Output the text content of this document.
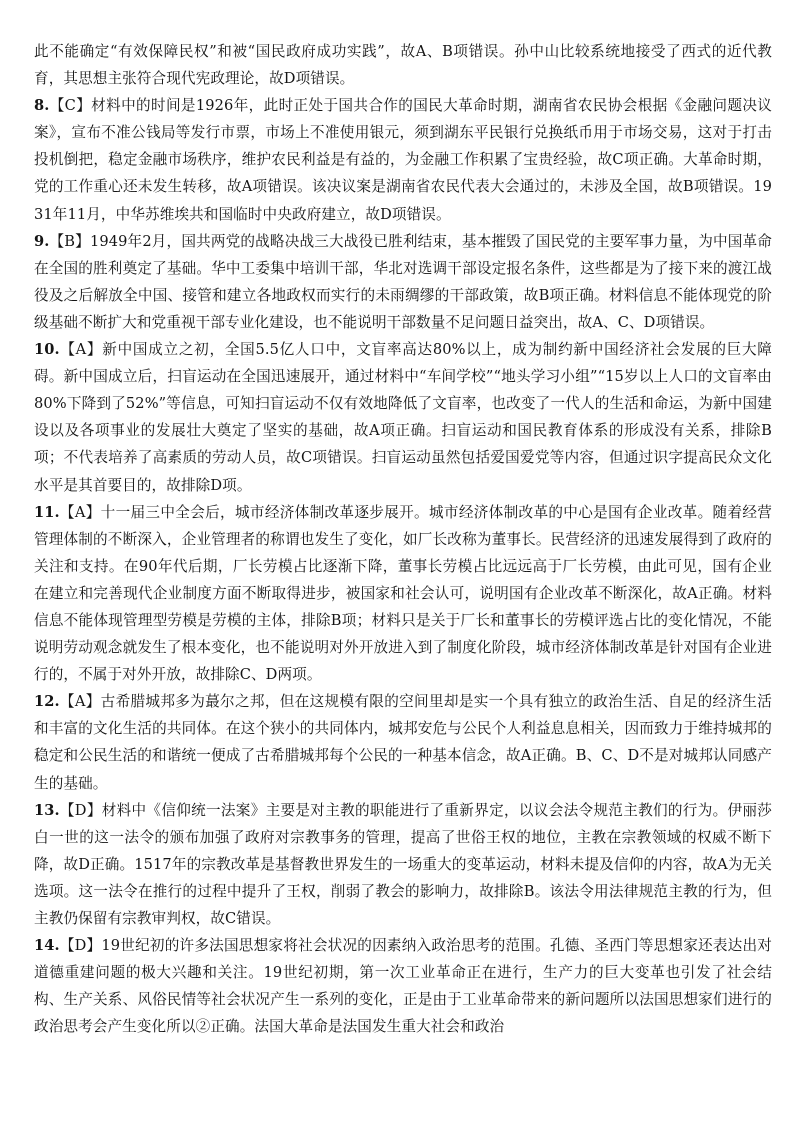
此不能确定“有效保障民权”和被“国民政府成功实践”，故A、B项错误。孙中山比较系统地接受了西式的近代教育，其思想主张符合现代宪政理论，故D项错误。

8.【C】材料中的时间是1926年，此时正处于国共合作的国民大革命时期，湖南省农民协会根据《金融问题决议案》，宣布不准公钱局等发行市票，市场上不准使用银元，须到湖东平民银行兑换纸币用于市场交易，这对于打击投机倒把，稳定金融市场秩序，维护农民利益是有益的，为金融工作积累了宝贵经验，故C项正确。大革命时期，党的工作重心还未发生转移，故A项错误。该决议案是湖南省农民代表大会通过的，未涉及全国，故B项错误。1931年11月，中华苏维埃共和国临时中央政府建立，故D项错误。

9.【B】1949年2月，国共两党的战略决战三大战役已胜利结束，基本摧毁了国民党的主要军事力量，为中国革命在全国的胜利奠定了基础。华中工委集中培训干部，华北对选调干部设定报名条件，这些都是为了接下来的渡江战役及之后解放全中国、接管和建立各地政权而实行的未雨绸缪的干部政策，故B项正确。材料信息不能体现党的阶级基础不断扩大和党重视干部专业化建设，也不能说明干部数量不足问题日益突出，故A、C、D项错误。

10.【A】新中国成立之初，全国5.5亿人口中，文盲率高达80%以上，成为制约新中国经济社会发展的巨大障碍。新中国成立后，扫盲运动在全国迅速展开，通过材料中“车间学校”“地头学习小组”“15岁以上人口的文盲率由80%下降到了52%”等信息，可知扫盲运动不仅有效地降低了文盲率，也改变了一代人的生活和命运，为新中国建设以及各项事业的发展壮大奠定了坚实的基础，故A项正确。扫盲运动和国民教育体系的形成没有关系，排除B项；不代表培养了高素质的劳动人员，故C项错误。扫盲运动虽然包括爱国爱党等内容，但通过识字提高民众文化水平是其首要目的，故排除D项。

11.【A】十一届三中全会后，城市经济体制改革逐步展开。城市经济体制改革的中心是国有企业改革。随着经营管理体制的不断深入，企业管理者的称谓也发生了变化，如厂长改称为董事长。民营经济的迅速发展得到了政府的关注和支持。在90年代后期，厂长劳模占比逐渐下降，董事长劳模占比远远高于厂长劳模，由此可见，国有企业在建立和完善现代企业制度方面不断取得进步，被国家和社会认可，说明国有企业改革不断深化，故A正确。材料信息不能体现管理型劳模是劳模的主体，排除B项；材料只是关于厂长和董事长的劳模评选占比的变化情况，不能说明劳动观念就发生了根本变化，也不能说明对外开放进入到了制度化阶段，城市经济体制改革是针对国有企业进行的，不属于对外开放，故排除C、D两项。

12.【A】古希腊城邦多为蕞尔之邦，但在这规模有限的空间里却是实一个具有独立的政治生活、自足的经济生活和丰富的文化生活的共同体。在这个狭小的共同体内，城邦安危与公民个人利益息息相关，因而致力于维持城邦的稳定和公民生活的和谐统一便成了古希腊城邦每个公民的一种基本信念，故A正确。B、C、D不是对城邦认同感产生的基础。

13.【D】材料中《信仰统一法案》主要是对主教的职能进行了重新界定，以议会法令规范主教们的行为。伊丽莎白一世的这一法令的颁布加强了政府对宗教事务的管理，提高了世俗王权的地位，主教在宗教领域的权威不断下降，故D正确。1517年的宗教改革是基督教世界发生的一场重大的变革运动，材料未提及信仰的内容，故A为无关选项。这一法令在推行的过程中提升了王权，削弱了教会的影响力，故排除B。该法令用法律规范主教的行为，但主教仍保留有宗教审判权，故C错误。

14.【D】19世纪初的许多法国思想家将社会状况的因素纳入政治思考的范围。孔德、圣西门等思想家还表达出对道德重建问题的极大兴趣和关注。19世纪初期，第一次工业革命正在进行，生产力的巨大变革也引发了社会结构、生产关系、风俗民情等社会状况产生一系列的变化，正是由于工业革命带来的新问题所以法国思想家们进行的政治思考会产生变化所以②正确。法国大革命是法国发生重大社会和政治
